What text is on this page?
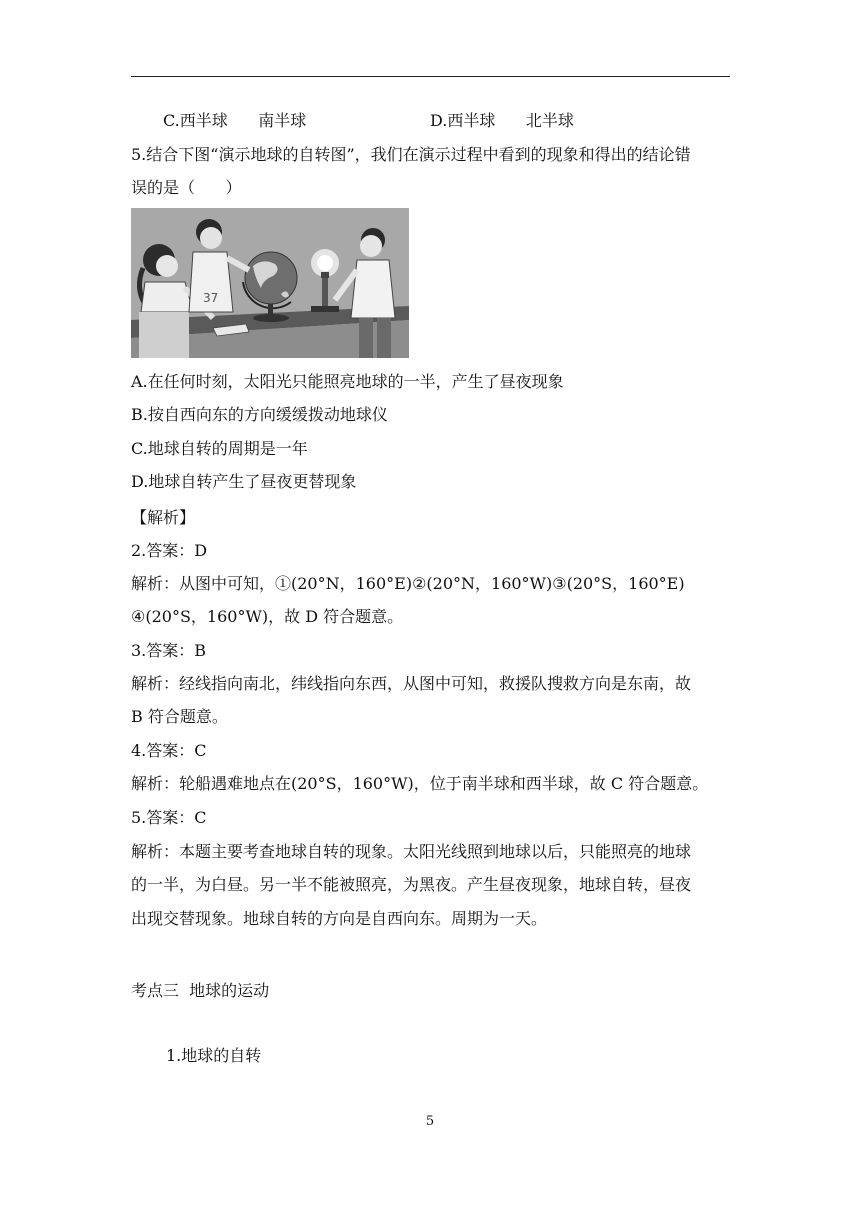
C.西半球      南半球	D.西半球      北半球
5.结合下图“演示地球的自转图”，我们在演示过程中看到的现象和得出的结论错
误的是（      ）
37
A.在任何时刻，太阳光只能照亮地球的一半，产生了昼夜现象
B.按自西向东的方向缓缓拨动地球仪
C.地球自转的周期是一年
D.地球自转产生了昼夜更替现象
【解析】
2.答案：D
解析：从图中可知，①(20°N，160°E)②(20°N，160°W)③(20°S，160°E)
④(20°S，160°W)，故 D 符合题意。
3.答案：B
解析：经线指向南北，纬线指向东西，从图中可知，救援队搜救方向是东南，故
B 符合题意。
4.答案：C
解析：轮船遇难地点在(20°S，160°W)，位于南半球和西半球，故 C 符合题意。
5.答案：C
解析：本题主要考查地球自转的现象。太阳光线照到地球以后，只能照亮的地球
的一半，为白昼。另一半不能被照亮，为黑夜。产生昼夜现象，地球自转，昼夜
出现交替现象。地球自转的方向是自西向东。周期为一天。
考点三  地球的运动
1.地球的自转
5
